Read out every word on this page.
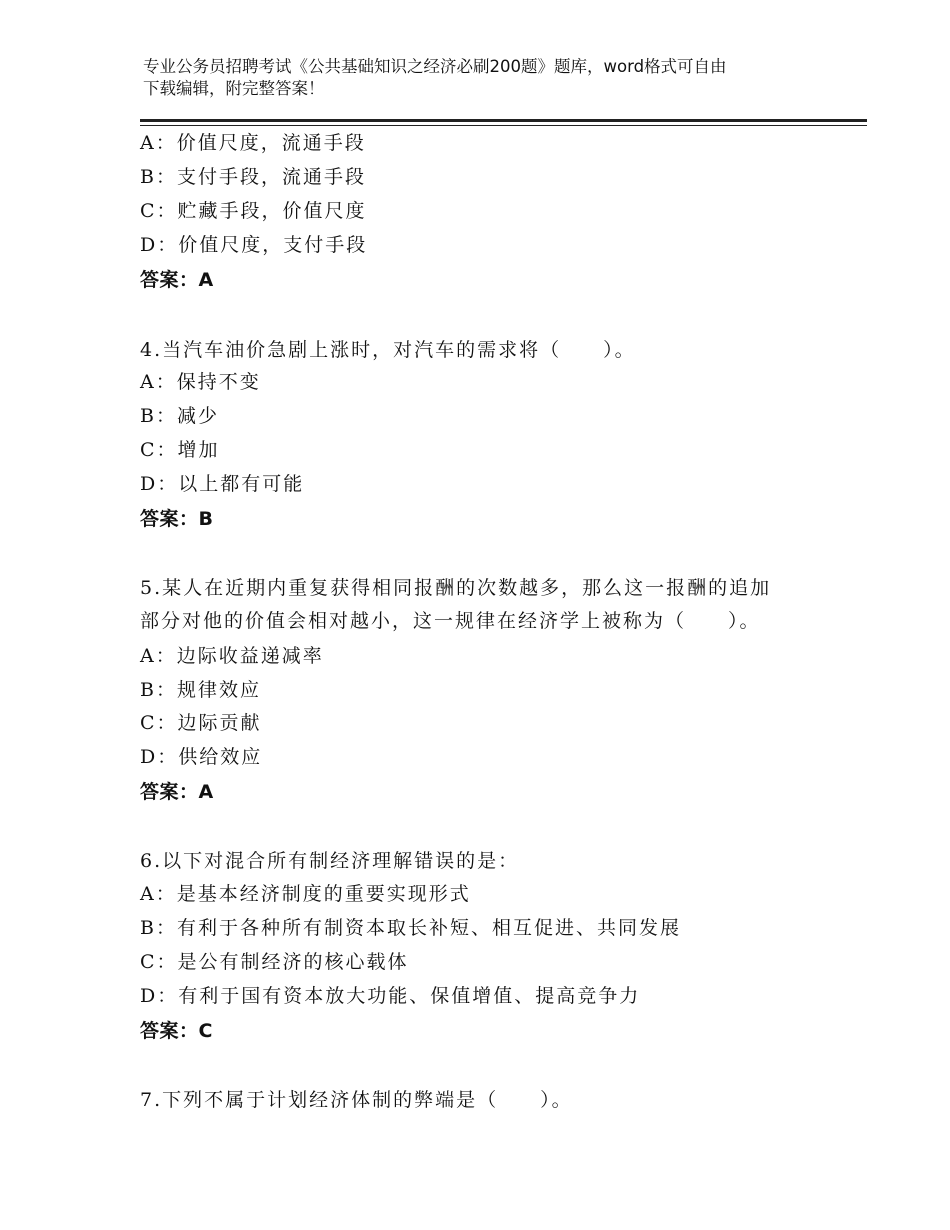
专业公务员招聘考试《公共基础知识之经济必刷200题》题库，word格式可自由
下载编辑，附完整答案！
A：价值尺度，流通手段
B：支付手段，流通手段
C：贮藏手段，价值尺度
D：价值尺度，支付手段
答案：A
4.当汽车油价急剧上涨时，对汽车的需求将（　　）。
A：保持不变
B：减少
C：增加
D：以上都有可能
答案：B
5.某人在近期内重复获得相同报酬的次数越多，那么这一报酬的追加
部分对他的价值会相对越小，这一规律在经济学上被称为（　　）。
A：边际收益递减率
B：规律效应
C：边际贡献
D：供给效应
答案：A
6.以下对混合所有制经济理解错误的是：
A：是基本经济制度的重要实现形式
B：有利于各种所有制资本取长补短、相互促进、共同发展
C：是公有制经济的核心载体
D：有利于国有资本放大功能、保值增值、提高竞争力
答案：C
7.下列不属于计划经济体制的弊端是（　　）。
